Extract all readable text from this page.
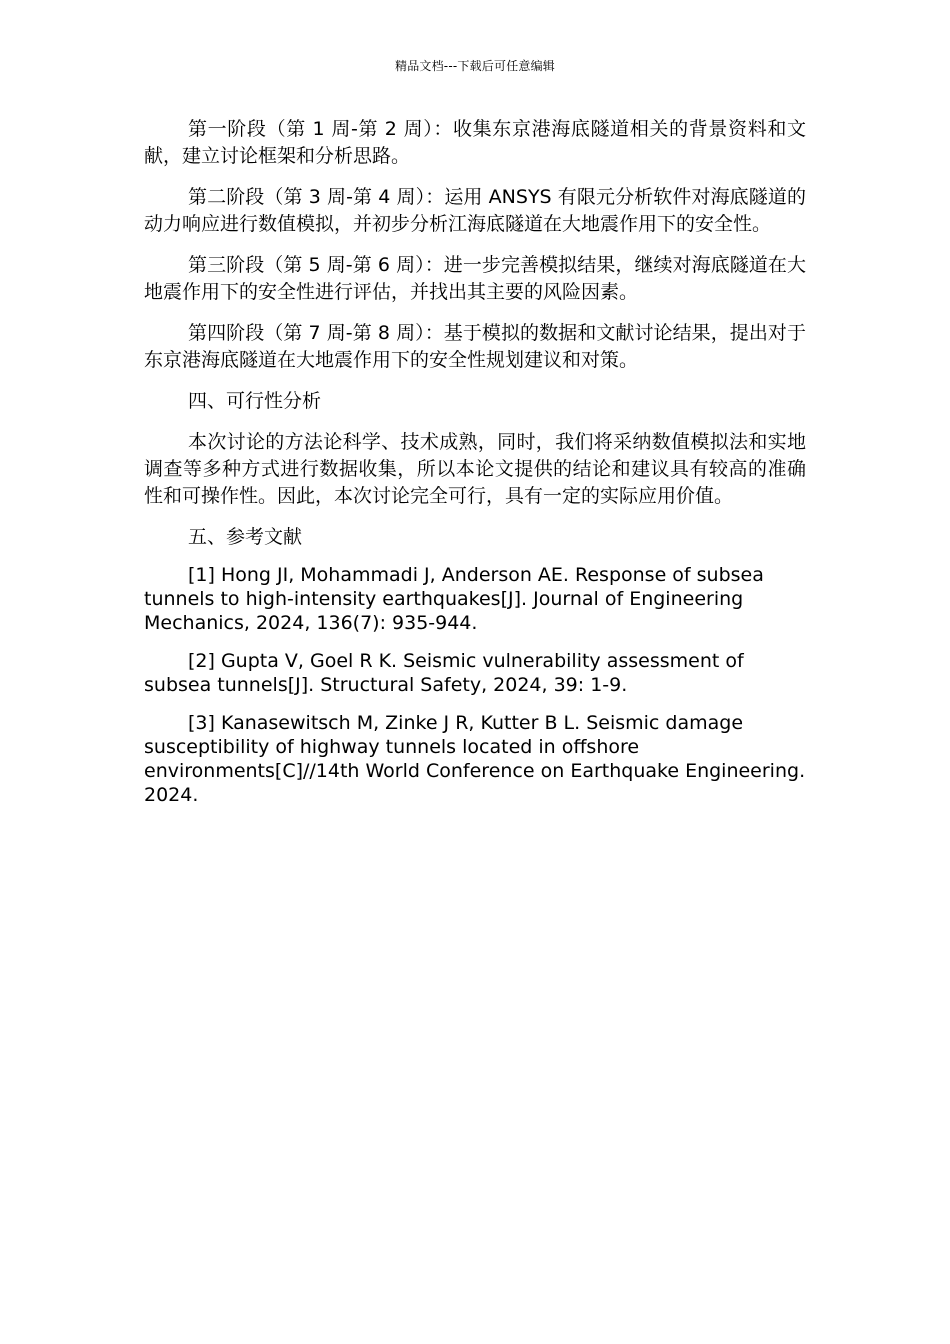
精品文档---下载后可任意编辑

第一阶段（第 1 周-第 2 周）：收集东京港海底隧道相关的背景资料和文献，建立讨论框架和分析思路。

第二阶段（第 3 周-第 4 周）：运用 ANSYS 有限元分析软件对海底隧道的动力响应进行数值模拟，并初步分析江海底隧道在大地震作用下的安全性。

第三阶段（第 5 周-第 6 周）：进一步完善模拟结果，继续对海底隧道在大地震作用下的安全性进行评估，并找出其主要的风险因素。

第四阶段（第 7 周-第 8 周）：基于模拟的数据和文献讨论结果，提出对于东京港海底隧道在大地震作用下的安全性规划建议和对策。

四、可行性分析

本次讨论的方法论科学、技术成熟，同时，我们将采纳数值模拟法和实地调查等多种方式进行数据收集，所以本论文提供的结论和建议具有较高的准确性和可操作性。因此，本次讨论完全可行，具有一定的实际应用价值。

五、参考文献

[1] Hong JI, Mohammadi J, Anderson AE. Response of subsea tunnels to high-intensity earthquakes[J]. Journal of Engineering Mechanics, 2024, 136(7): 935-944.

[2] Gupta V, Goel R K. Seismic vulnerability assessment of subsea tunnels[J]. Structural Safety, 2024, 39: 1-9.

[3] Kanasewitsch M, Zinke J R, Kutter B L. Seismic damage susceptibility of highway tunnels located in offshore environments[C]//14th World Conference on Earthquake Engineering. 2024.
